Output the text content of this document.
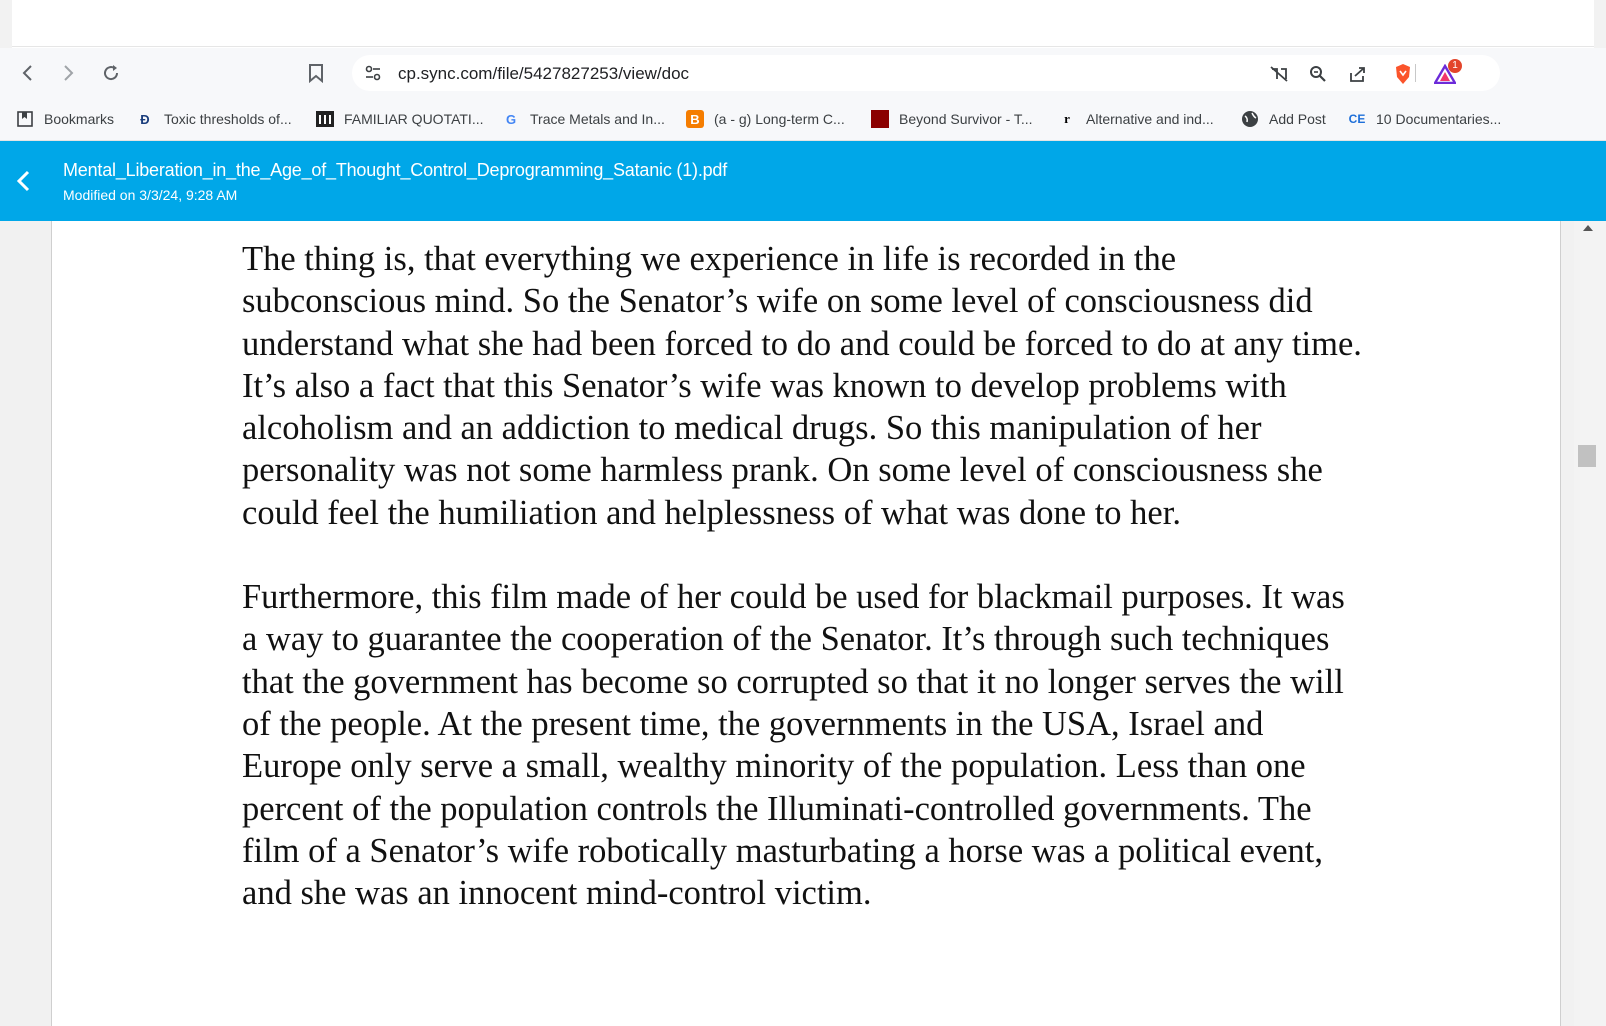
cp.sync.com/file/5427827253/view/doc	1
Bookmarks	Ð	Toxic thresholds of...	FAMILIAR QUOTATI...	G Trace Metals and In...	B	(a - g) Long-term C...	Beyond Survivor - T...	r	Alternative and ind...	Add Post CE 10 Documentaries...
Mental_Liberation_in_the_Age_of_Thought_Control_Deprogramming_Satanic (1).pdf
Modified on 3/3/24, 9:28 AM

The thing is, that everything we experience in life is recorded in the subconscious mind. So the Senator’s wife on some level of consciousness did understand what she had been forced to do and could be forced to do at any time. It’s also a fact that this Senator’s wife was known to develop problems with alcoholism and an addiction to medical drugs. So this manipulation of her personality was not some harmless prank. On some level of consciousness she could feel the humiliation and helplessness of what was done to her.

Furthermore, this film made of her could be used for blackmail purposes. It was a way to guarantee the cooperation of the Senator. It’s through such techniques that the government has become so corrupted so that it no longer serves the will of the people. At the present time, the governments in the USA, Israel and Europe only serve a small, wealthy minority of the population. Less than one percent of the population controls the Illuminati-controlled governments. The film of a Senator’s wife robotically masturbating a horse was a political event, and she was an innocent mind-control victim.
